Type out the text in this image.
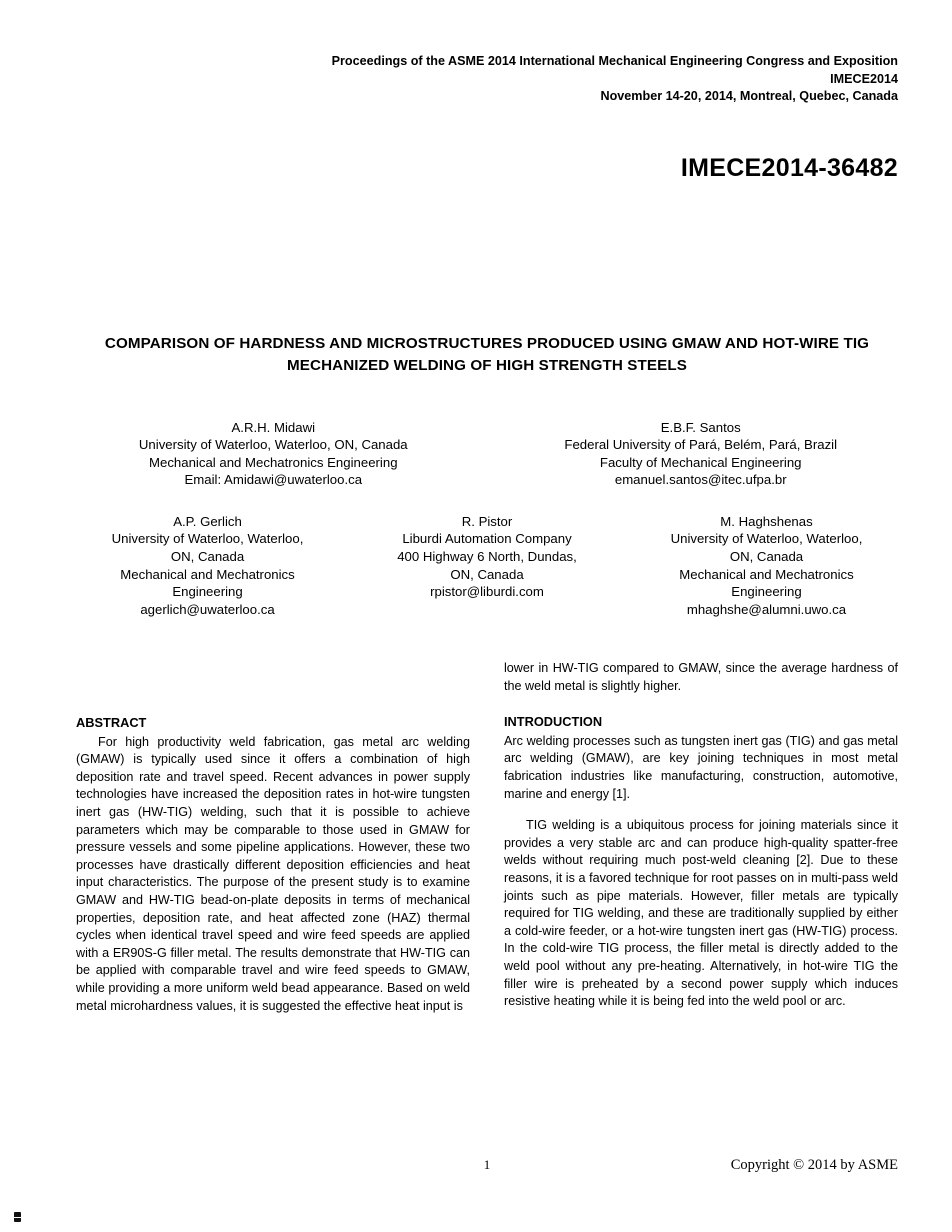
Proceedings of the ASME 2014 International Mechanical Engineering Congress and Exposition
IMECE2014
November 14-20, 2014, Montreal, Quebec, Canada
IMECE2014-36482
COMPARISON OF HARDNESS AND MICROSTRUCTURES PRODUCED USING GMAW AND HOT-WIRE TIG MECHANIZED WELDING OF HIGH STRENGTH STEELS
A.R.H. Midawi
University of Waterloo, Waterloo, ON, Canada
Mechanical and Mechatronics Engineering
Email: Amidawi@uwaterloo.ca
E.B.F. Santos
Federal University of Pará, Belém, Pará, Brazil
Faculty of Mechanical Engineering
emanuel.santos@itec.ufpa.br
A.P. Gerlich
University of Waterloo, Waterloo,
ON, Canada
Mechanical and Mechatronics
Engineering
agerlich@uwaterloo.ca
R. Pistor
Liburdi Automation Company
400 Highway 6 North, Dundas,
ON, Canada
rpistor@liburdi.com
M. Haghshenas
University of Waterloo, Waterloo,
ON, Canada
Mechanical and Mechatronics
Engineering
mhaghshe@alumni.uwo.ca
ABSTRACT

For high productivity weld fabrication, gas metal arc welding (GMAW) is typically used since it offers a combination of high deposition rate and travel speed. Recent advances in power supply technologies have increased the deposition rates in hot-wire tungsten inert gas (HW-TIG) welding, such that it is possible to achieve parameters which may be comparable to those used in GMAW for pressure vessels and some pipeline applications. However, these two processes have drastically different deposition efficiencies and heat input characteristics. The purpose of the present study is to examine GMAW and HW-TIG bead-on-plate deposits in terms of mechanical properties, deposition rate, and heat affected zone (HAZ) thermal cycles when identical travel speed and wire feed speeds are applied with a ER90S-G filler metal. The results demonstrate that HW-TIG can be applied with comparable travel and wire feed speeds to GMAW, while providing a more uniform weld bead appearance. Based on weld metal microhardness values, it is suggested the effective heat input is

lower in HW-TIG compared to GMAW, since the average hardness of the weld metal is slightly higher.

INTRODUCTION

Arc welding processes such as tungsten inert gas (TIG) and gas metal arc welding (GMAW), are key joining techniques in most metal fabrication industries like manufacturing, construction, automotive, marine and energy [1].

TIG welding is a ubiquitous process for joining materials since it provides a very stable arc and can produce high-quality spatter-free welds without requiring much post-weld cleaning [2]. Due to these reasons, it is a favored technique for root passes on in multi-pass weld joints such as pipe materials. However, filler metals are typically required for TIG welding, and these are traditionally supplied by either a cold-wire feeder, or a hot-wire tungsten inert gas (HW-TIG) process. In the cold-wire TIG process, the filler metal is directly added to the weld pool without any pre-heating. Alternatively, in hot-wire TIG the filler wire is preheated by a second power supply which induces resistive heating while it is being fed into the weld pool or arc.

1	Copyright © 2014 by ASME
